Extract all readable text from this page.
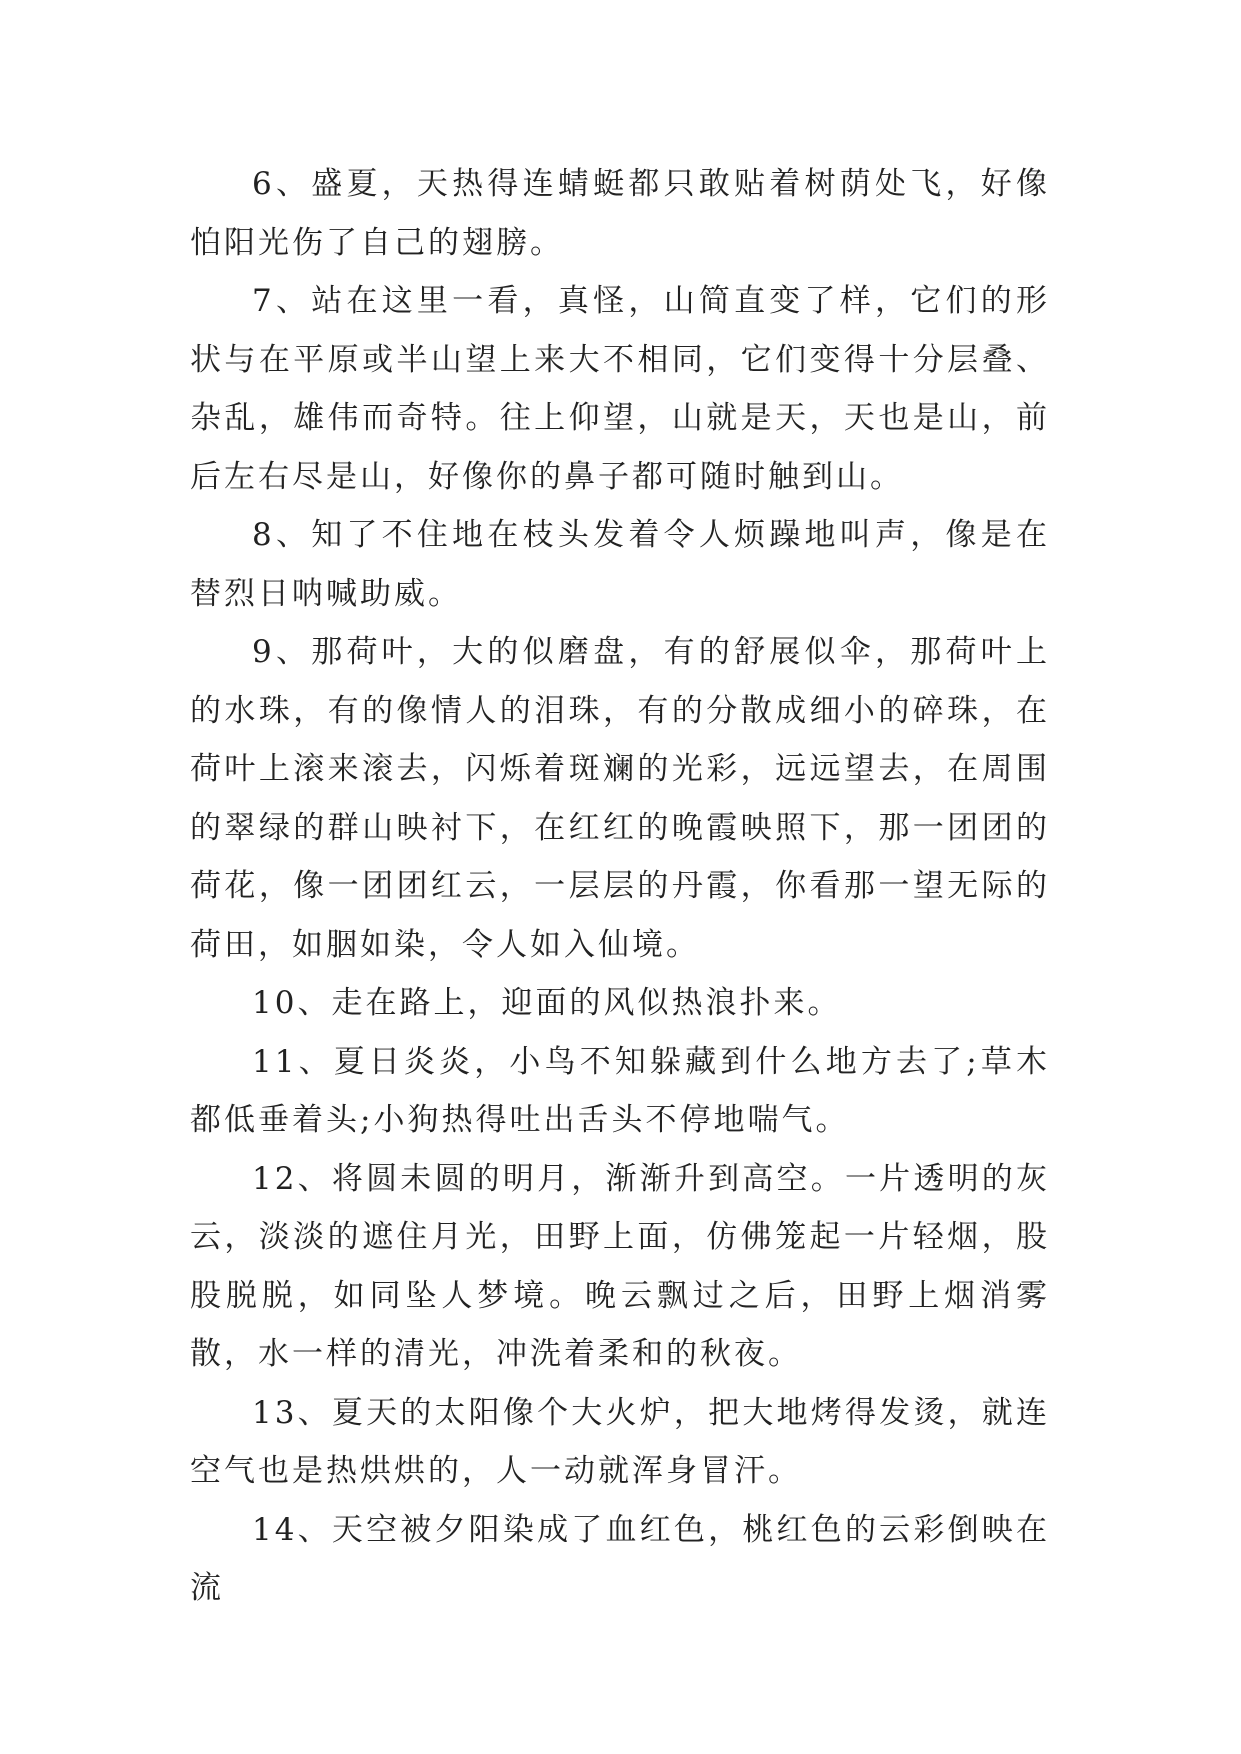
6、盛夏，天热得连蜻蜓都只敢贴着树荫处飞，好像怕阳光伤了自己的翅膀。

7、站在这里一看，真怪，山简直变了样，它们的形状与在平原或半山望上来大不相同，它们变得十分层叠、杂乱，雄伟而奇特。往上仰望，山就是天，天也是山，前后左右尽是山，好像你的鼻子都可随时触到山。

8、知了不住地在枝头发着令人烦躁地叫声，像是在替烈日呐喊助威。

9、那荷叶，大的似磨盘，有的舒展似伞，那荷叶上的水珠，有的像情人的泪珠，有的分散成细小的碎珠，在荷叶上滚来滚去，闪烁着斑斓的光彩，远远望去，在周围的翠绿的群山映衬下，在红红的晚霞映照下，那一团团的荷花，像一团团红云，一层层的丹霞，你看那一望无际的荷田，如胭如染，令人如入仙境。

10、走在路上，迎面的风似热浪扑来。

11、夏日炎炎，小鸟不知躲藏到什么地方去了;草木都低垂着头;小狗热得吐出舌头不停地喘气。

12、将圆未圆的明月，渐渐升到高空。一片透明的灰云，淡淡的遮住月光，田野上面，仿佛笼起一片轻烟，股股脱脱，如同坠人梦境。晚云飘过之后，田野上烟消雾散，水一样的清光，冲洗着柔和的秋夜。

13、夏天的太阳像个大火炉，把大地烤得发烫，就连空气也是热烘烘的，人一动就浑身冒汗。

14、天空被夕阳染成了血红色，桃红色的云彩倒映在流
